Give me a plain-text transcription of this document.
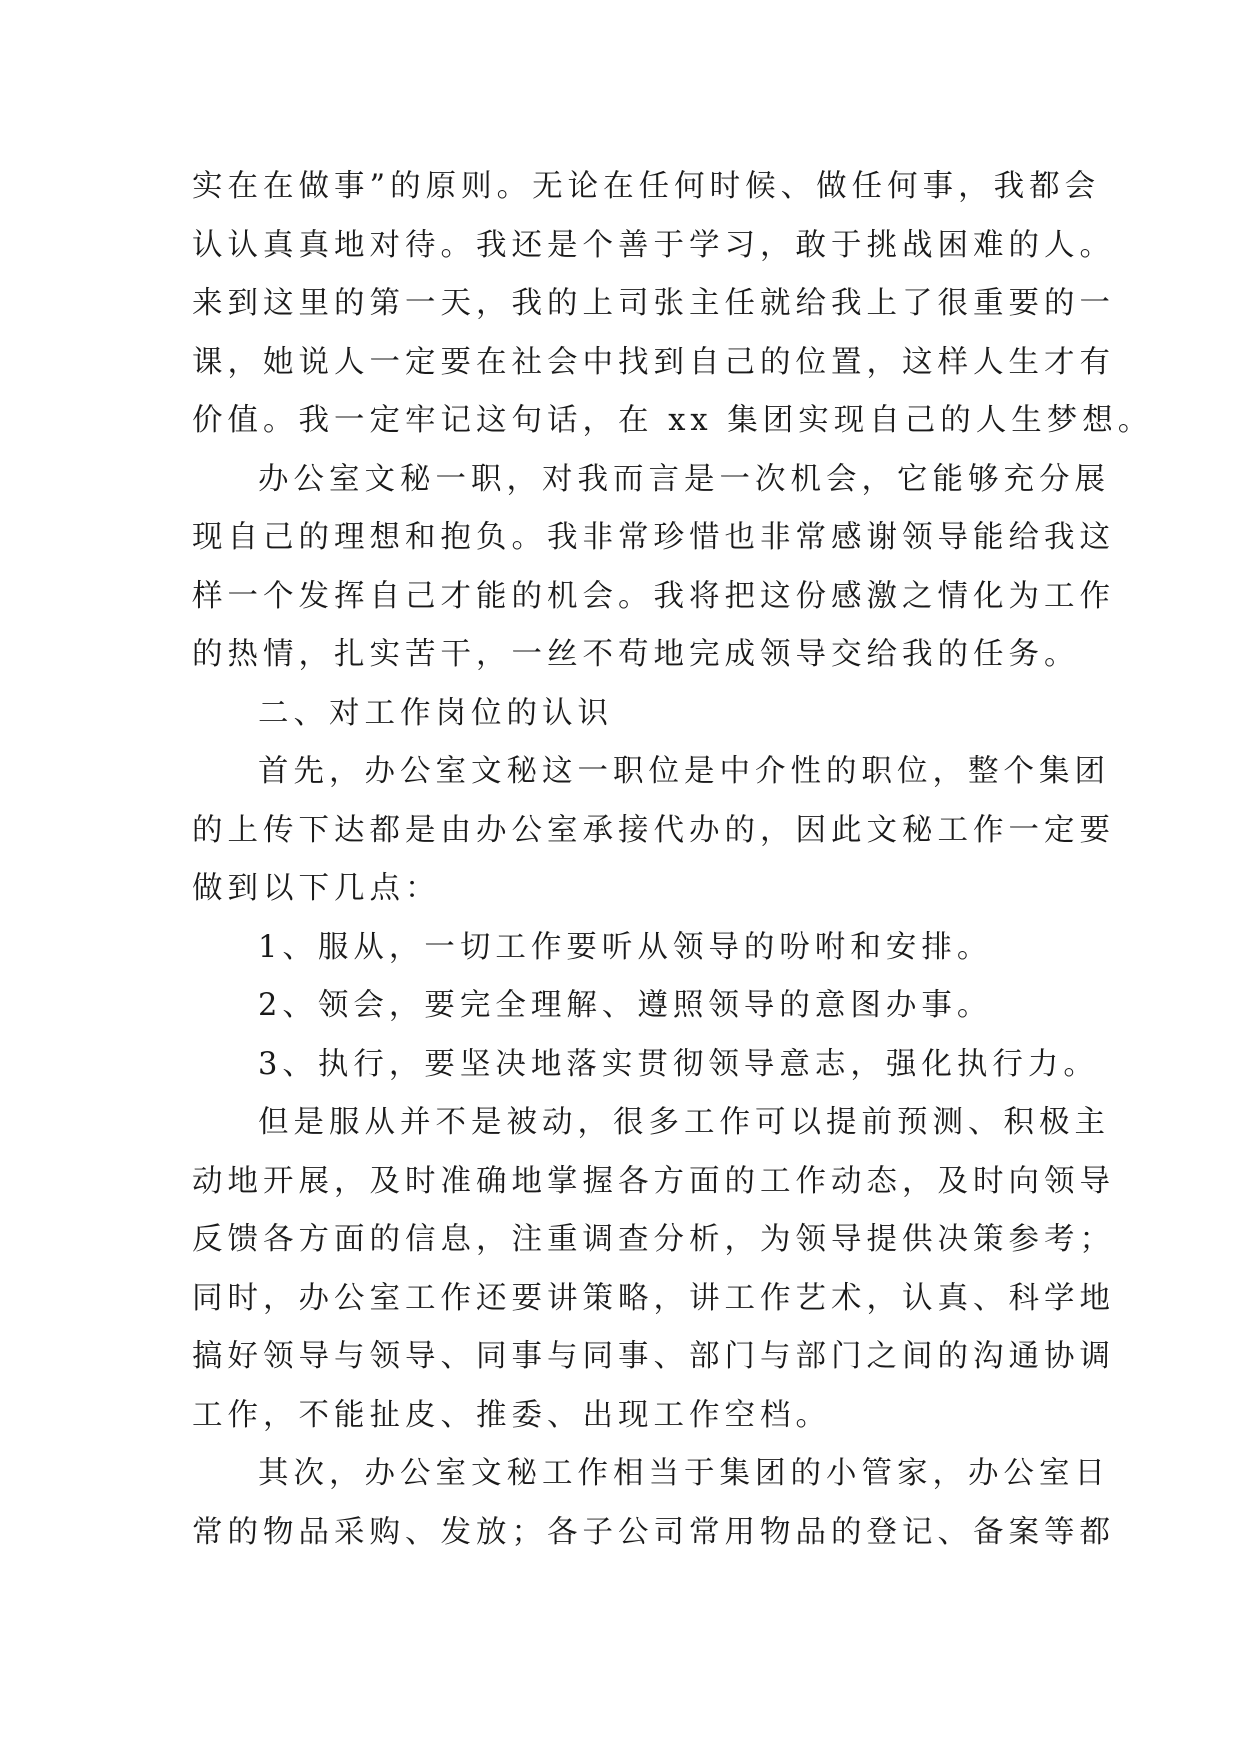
实在在做事”的原则。无论在任何时候、做任何事，我都会
认认真真地对待。我还是个善于学习，敢于挑战困难的人。
来到这里的第一天，我的上司张主任就给我上了很重要的一
课，她说人一定要在社会中找到自己的位置，这样人生才有
价值。我一定牢记这句话，在 xx 集团实现自己的人生梦想。
办公室文秘一职，对我而言是一次机会，它能够充分展
现自己的理想和抱负。我非常珍惜也非常感谢领导能给我这
样一个发挥自己才能的机会。我将把这份感激之情化为工作
的热情，扎实苦干，一丝不苟地完成领导交给我的任务。
二、对工作岗位的认识
首先，办公室文秘这一职位是中介性的职位，整个集团
的上传下达都是由办公室承接代办的，因此文秘工作一定要
做到以下几点：
1、服从，一切工作要听从领导的吩咐和安排。
2、领会，要完全理解、遵照领导的意图办事。
3、执行，要坚决地落实贯彻领导意志，强化执行力。
但是服从并不是被动，很多工作可以提前预测、积极主
动地开展，及时准确地掌握各方面的工作动态，及时向领导
反馈各方面的信息，注重调查分析，为领导提供决策参考；
同时，办公室工作还要讲策略，讲工作艺术，认真、科学地
搞好领导与领导、同事与同事、部门与部门之间的沟通协调
工作，不能扯皮、推委、出现工作空档。
其次，办公室文秘工作相当于集团的小管家，办公室日
常的物品采购、发放；各子公司常用物品的登记、备案等都
